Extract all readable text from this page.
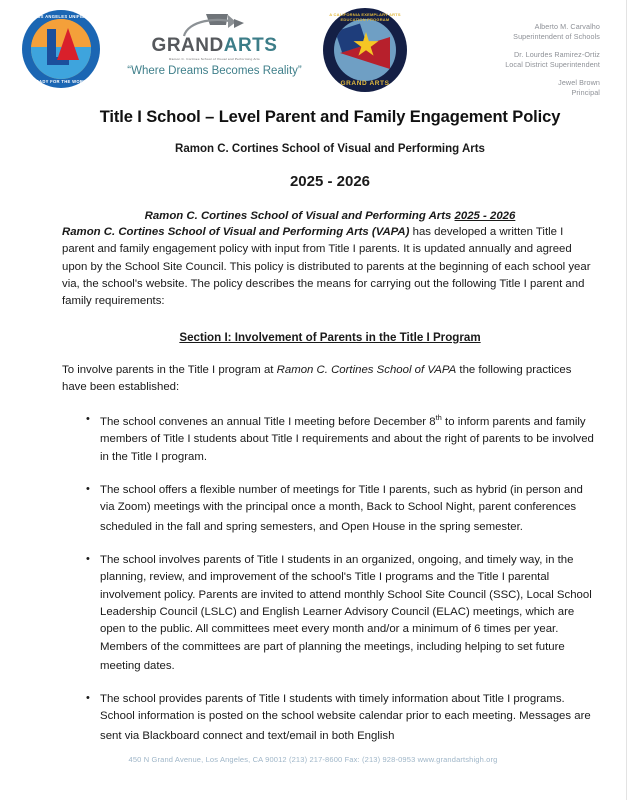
LOS ANGELES UNIFIED
READY FOR THE WORLD
GRANDARTS
Ramon C. Cortines School of Visual and Performing Arts
“Where Dreams Becomes Reality”
A CALIFORNIA EXEMPLARY ARTS EDUCATION PROGRAM
GRAND ARTS
Alberto M. Carvalho
Superintendent of Schools
Dr. Lourdes Ramirez-Ortiz
Local District Superintendent
Jewel Brown
Principal
Title I School – Level Parent and Family Engagement Policy
Ramon C. Cortines School of Visual and Performing Arts
2025 - 2026
Ramon C. Cortines School of Visual and Performing Arts 2025 - 2026

Ramon C. Cortines School of Visual and Performing Arts (VAPA) has developed a written Title I parent and family engagement policy with input from Title I parents. It is updated annually and agreed upon by the School Site Council. This policy is distributed to parents at the beginning of each school year via, the school's website. The policy describes the means for carrying out the following Title I parent and family requirements:

Section I: Involvement of Parents in the Title I Program

To involve parents in the Title I program at Ramon C. Cortines School of VAPA the following practices have been established:

• The school convenes an annual Title I meeting before December 8th to inform parents and family members of Title I students about Title I requirements and about the right of parents to be involved in the Title I program.
• The school offers a flexible number of meetings for Title I parents, such as hybrid (in person and via Zoom) meetings with the principal once a month, Back to School Night, parent conferences scheduled in the fall and spring semesters, and Open House in the spring semester.
• The school involves parents of Title I students in an organized, ongoing, and timely way, in the planning, review, and improvement of the school's Title I programs and the Title I parental involvement policy. Parents are invited to attend monthly School Site Council (SSC), Local School Leadership Council (LSLC) and English Learner Advisory Council (ELAC) meetings, which are open to the public. All committees meet every month and/or a minimum of 6 times per year. Members of the committees are part of planning the meetings, including helping to set future meeting dates.
• The school provides parents of Title I students with timely information about Title I programs. School information is posted on the school website calendar prior to each meeting. Messages are sent via Blackboard connect and text/email in both English
450 N Grand Avenue, Los Angeles, CA 90012 (213) 217-8600 Fax: (213) 928-0953 www.grandartshigh.org
